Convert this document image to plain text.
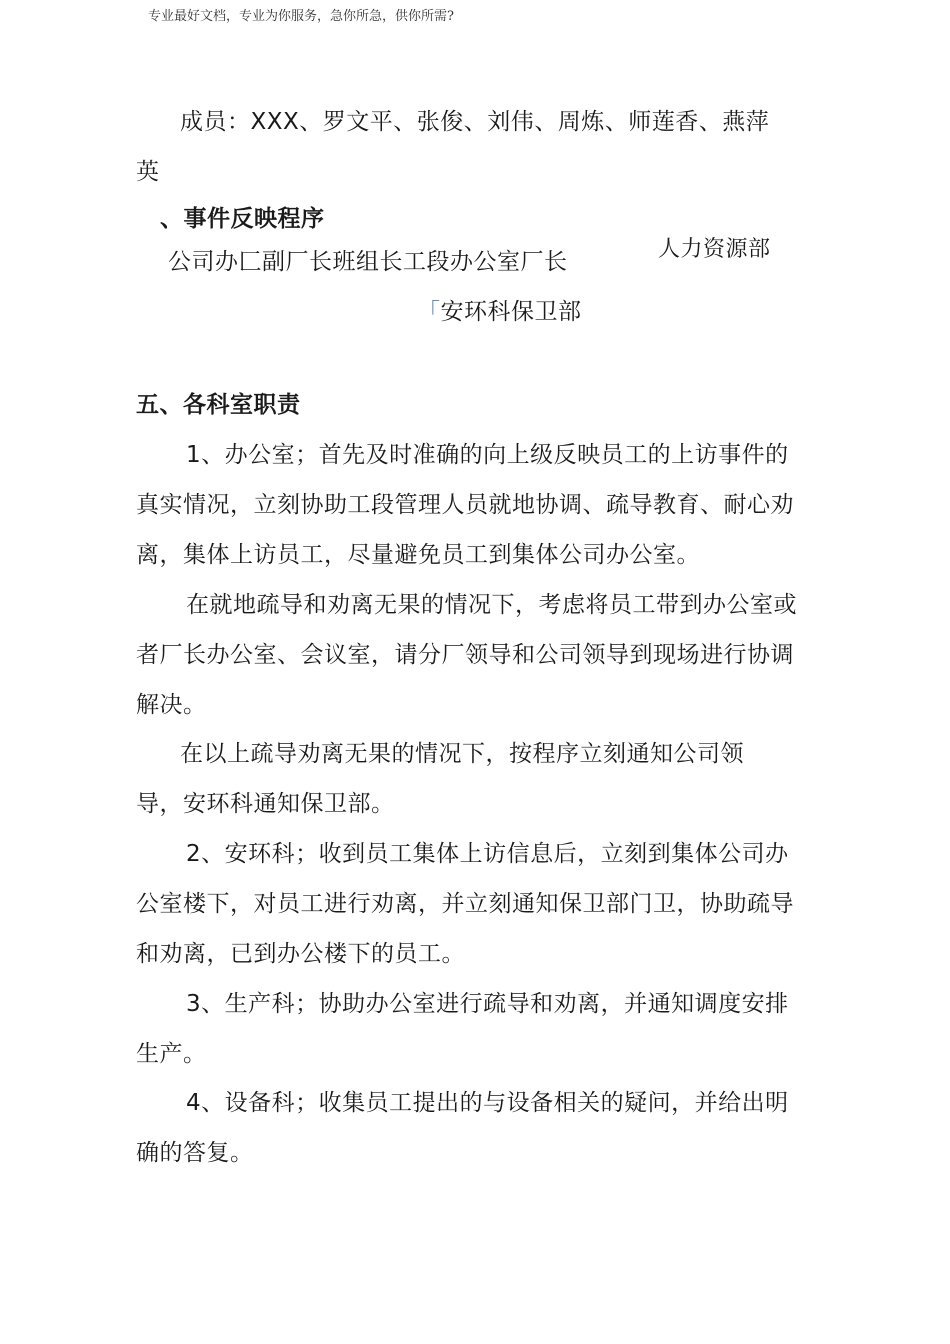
专业最好文档，专业为你服务，急你所急，供你所需?
成员：XXX、罗文平、张俊、刘伟、周炼、师莲香、燕萍
英
、事件反映程序
公司办匚副厂长班组长工段办公室厂长	人力资源部
「安环科保卫部
五、各科室职责
1、办公室；首先及时准确的向上级反映员工的上访事件的
真实情况，立刻协助工段管理人员就地协调、疏导教育、耐心劝
离，集体上访员工，尽量避免员工到集体公司办公室。
在就地疏导和劝离无果的情况下，考虑将员工带到办公室或
者厂长办公室、会议室，请分厂领导和公司领导到现场进行协调
解决。
在以上疏导劝离无果的情况下，按程序立刻通知公司领
导，安环科通知保卫部。
2、安环科；收到员工集体上访信息后，立刻到集体公司办
公室楼下，对员工进行劝离，并立刻通知保卫部门卫，协助疏导
和劝离，已到办公楼下的员工。
3、生产科；协助办公室进行疏导和劝离，并通知调度安排
生产。
4、设备科；收集员工提出的与设备相关的疑问，并给出明
确的答复。
